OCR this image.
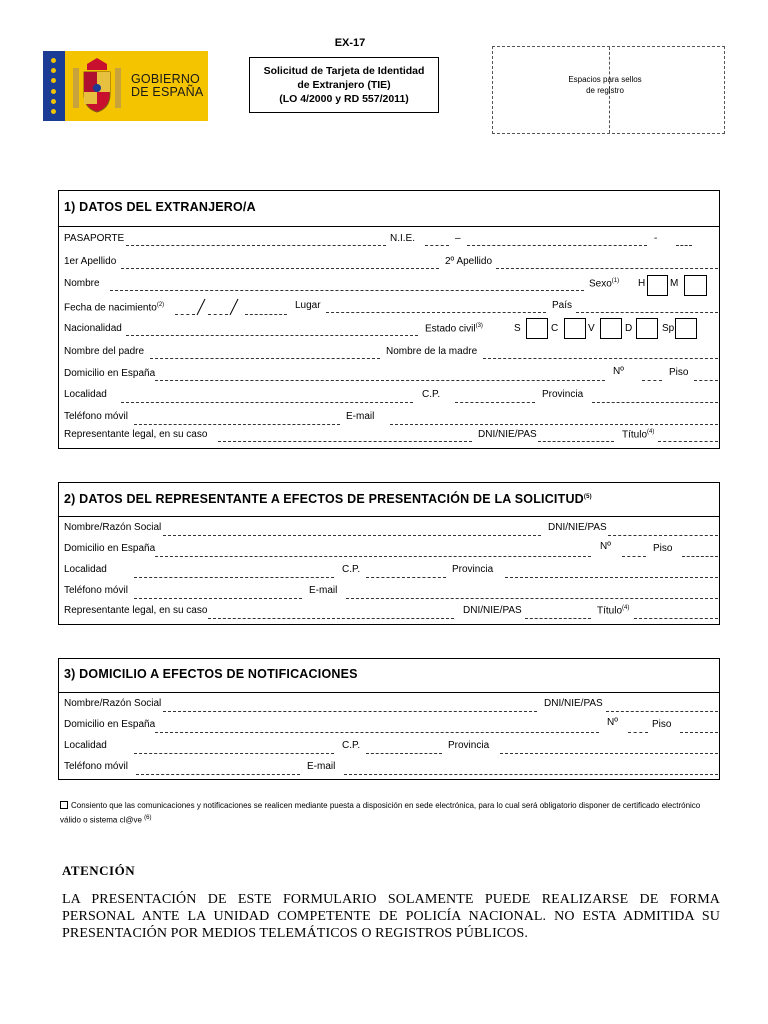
GOBIERNO
DE ESPAÑA
EX-17
Solicitud de Tarjeta de Identidad
de Extranjero (TIE)
(LO 4/2000 y RD 557/2011)
Espacios para sellos
de registro
1) DATOS DEL EXTRANJERO/A
PASAPORTE	N.I.E.	–	-
1er Apellido	2º Apellido
Nombre	Sexo$^{(1)}$ H M
Fecha de nacimiento$^{(2)}$	Lugar	País
Nacionalidad	Estado civil$^{(3)}$	S	C	V	D	Sp
Nombre del padre	Nombre de la madre
Domicilio en España	Nº	Piso
Localidad	C.P.	Provincia
Teléfono móvil	E-mail
Representante legal, en su caso	DNI/NIE/PAS	Título$^{(4)}$
2) DATOS DEL REPRESENTANTE A EFECTOS DE PRESENTACIÓN DE LA SOLICITUD$^{(5)}$
Nombre/Razón Social	DNI/NIE/PAS
Domicilio en España	Nº	Piso
Localidad	C.P.	Provincia
Teléfono móvil	E-mail
Representante legal, en su caso	DNI/NIE/PAS	Título$^{(4)}$
3) DOMICILIO A EFECTOS DE NOTIFICACIONES
Nombre/Razón Social	DNI/NIE/PAS
Domicilio en España	Nº	Piso
Localidad	C.P.	Provincia
Teléfono móvil	E-mail
Consiento que las comunicaciones y notificaciones se realicen mediante puesta a disposición en sede electrónica, para lo cual será obligatorio disponer de certificado electrónico válido o sistema cl@ve $^{(6)}$
ATENCIÓN
LA PRESENTACIÓN DE ESTE FORMULARIO SOLAMENTE PUEDE REALIZARSE DE FORMA PERSONAL ANTE LA UNIDAD COMPETENTE DE POLICÍA NACIONAL. NO ESTA ADMITIDA SU PRESENTACIÓN POR MEDIOS TELEMÁTICOS O REGISTROS PÚBLICOS.
